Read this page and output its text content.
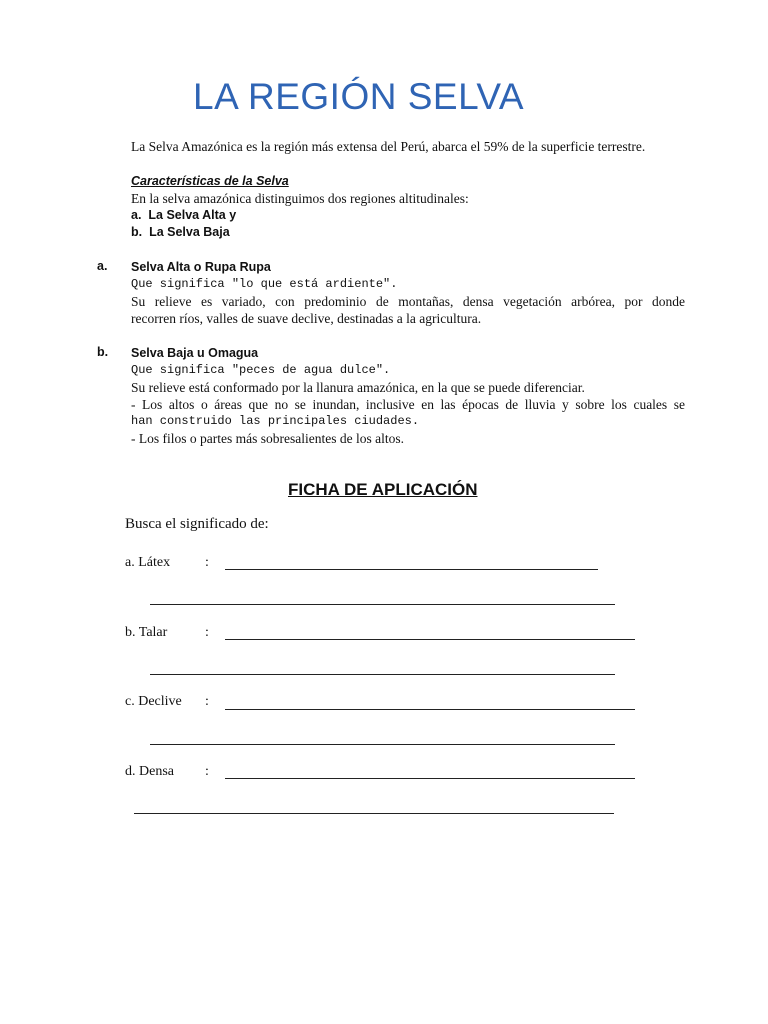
LA REGIÓN SELVA
La Selva Amazónica es la región más extensa del Perú, abarca el 59% de la superficie terrestre.
Características de la Selva
En la selva amazónica distinguimos dos regiones altitudinales:
a. La Selva Alta y
b. La Selva Baja
a. Selva Alta o Rupa Rupa
Que significa "lo que está ardiente".
Su relieve es variado, con predominio de montañas, densa vegetación arbórea, por donde
recorren ríos, valles de suave declive, destinadas a la agricultura.
b. Selva Baja u Omagua
Que significa "peces de agua dulce".
Su relieve está conformado por la llanura amazónica, en la que se puede diferenciar.
- Los altos o áreas que no se inundan, inclusive en las épocas de lluvia y sobre los cuales se
han construido las principales ciudades.
- Los filos o partes más sobresalientes de los altos.
FICHA DE APLICACIÓN
Busca el significado de:
a. Látex :
b. Talar	:
c. Declive :
d. Densa :
